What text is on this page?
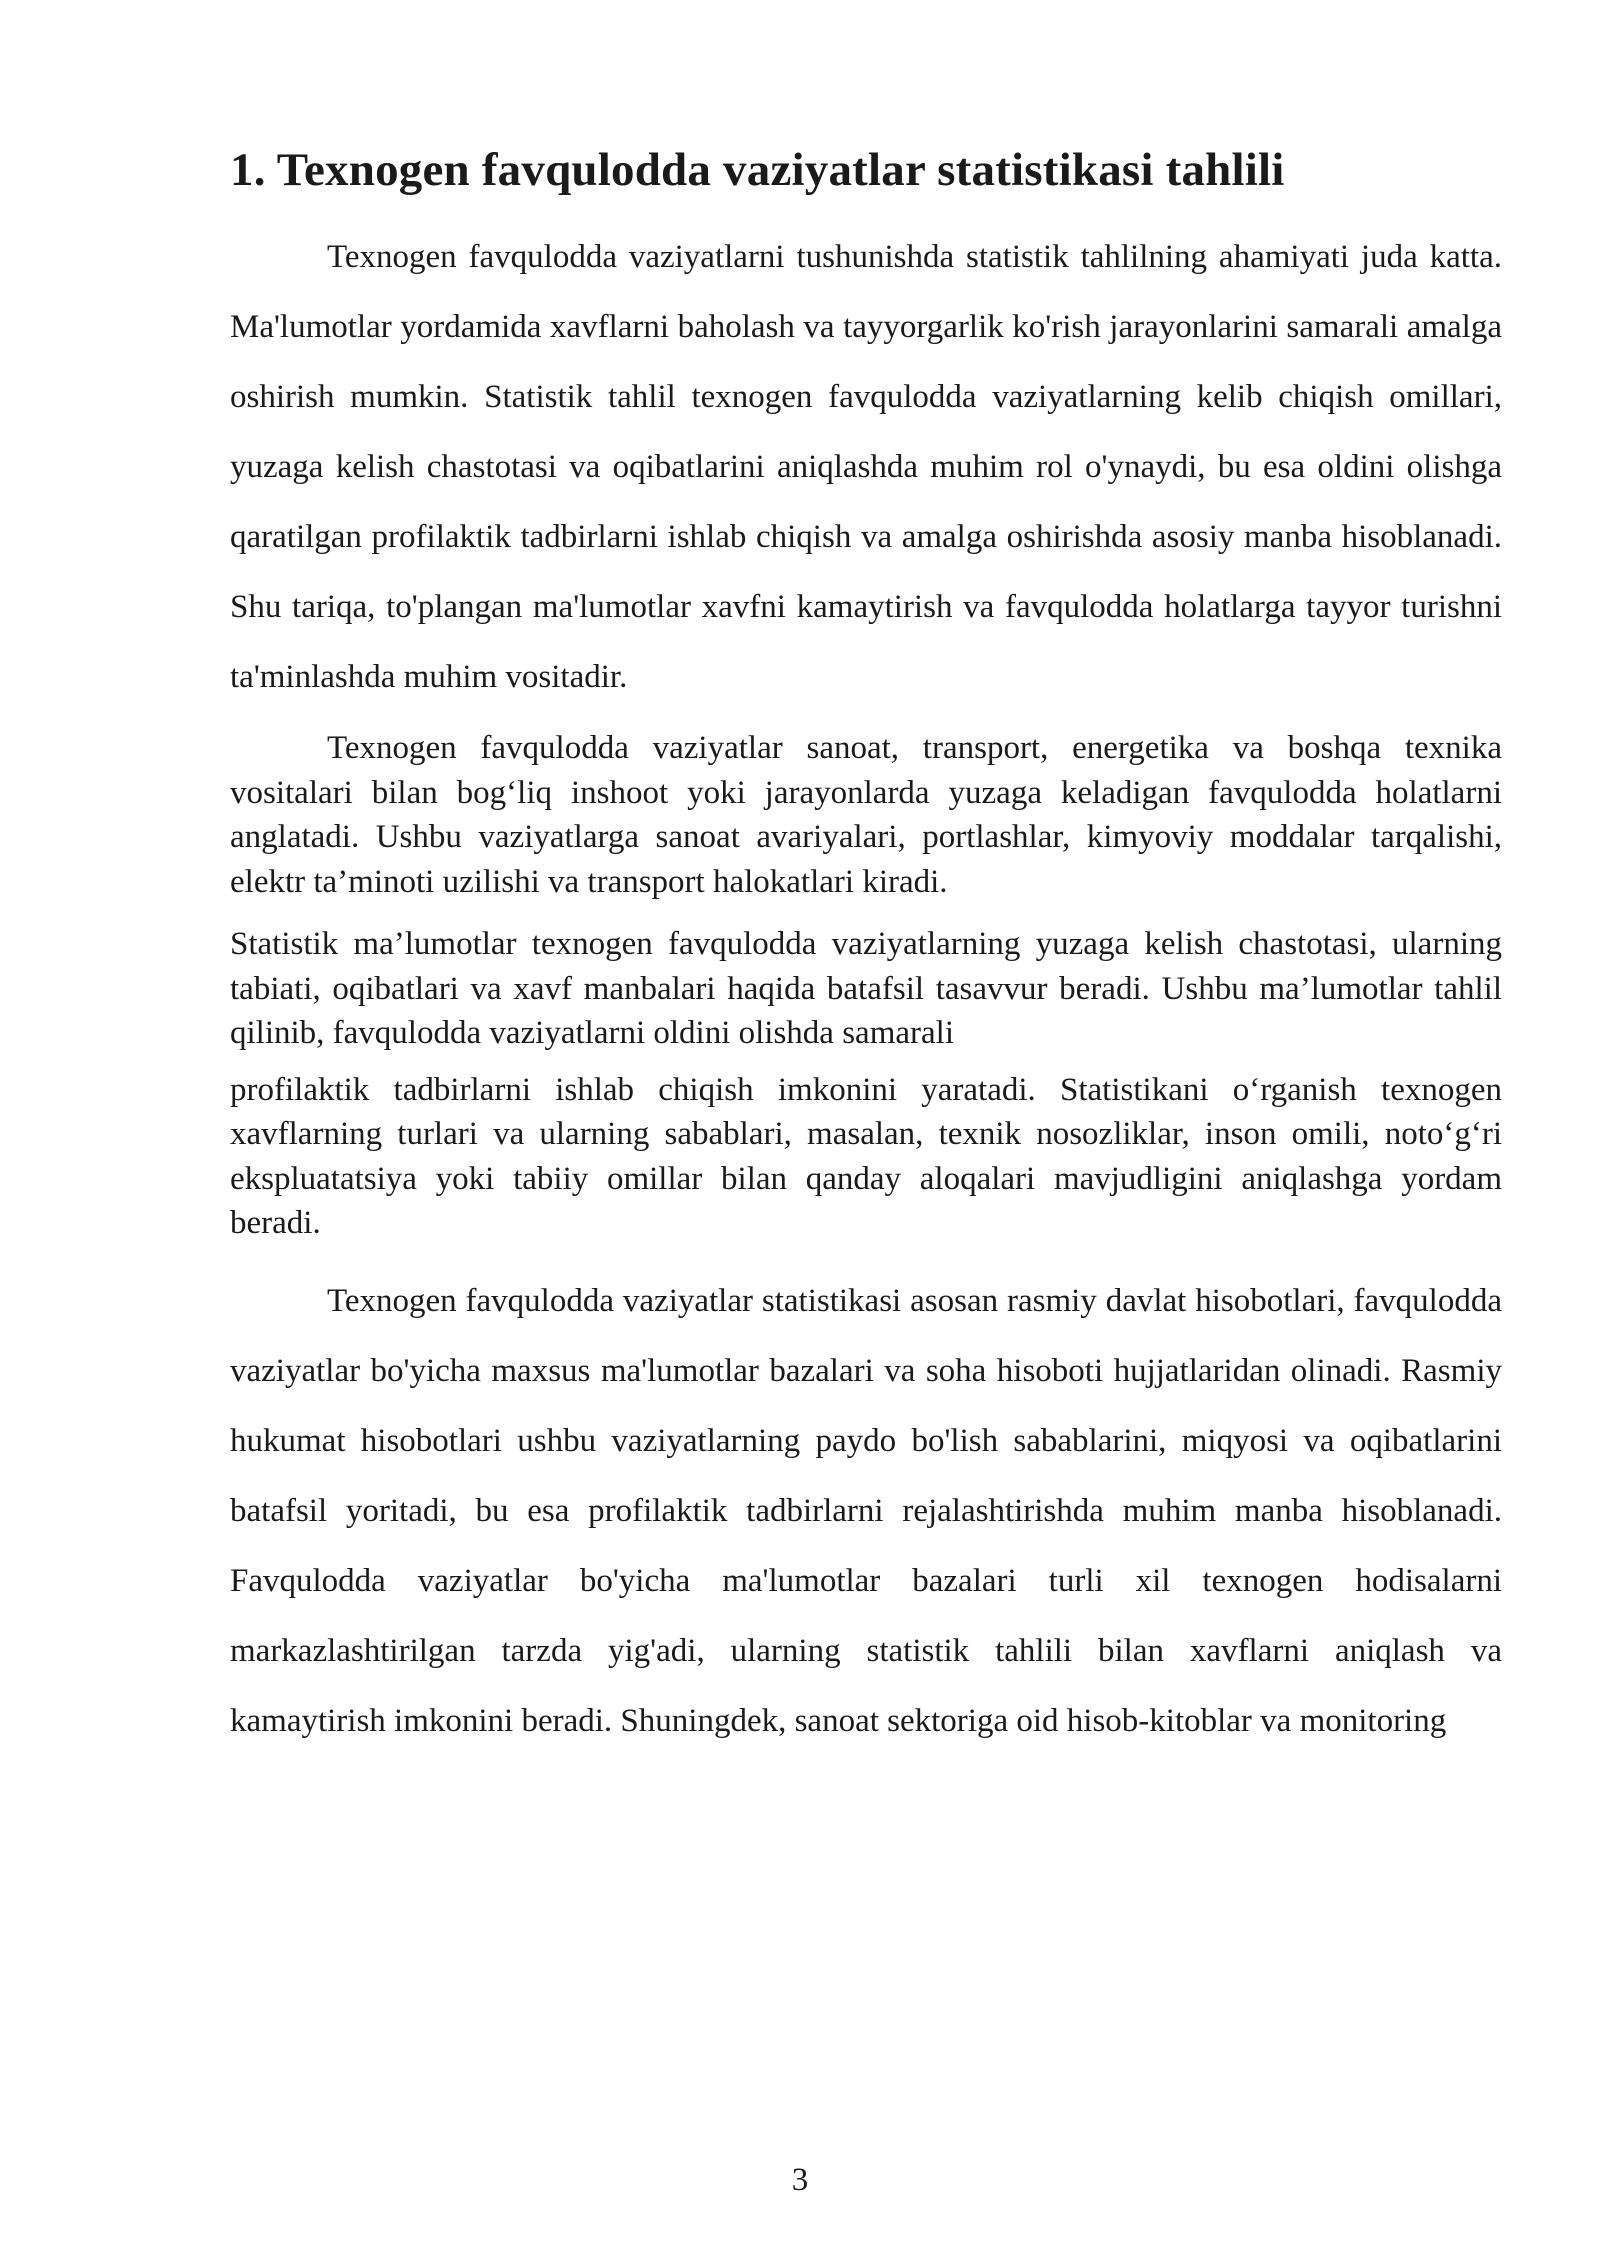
1. Texnogen favqulodda vaziyatlar statistikasi tahlili

Texnogen favqulodda vaziyatlarni tushunishda statistik tahlilning ahamiyati juda katta. Ma'lumotlar yordamida xavflarni baholash va tayyorgarlik ko'rish jarayonlarini samarali amalga oshirish mumkin. Statistik tahlil texnogen favqulodda vaziyatlarning kelib chiqish omillari, yuzaga kelish chastotasi va oqibatlarini aniqlashda muhim rol o'ynaydi, bu esa oldini olishga qaratilgan profilaktik tadbirlarni ishlab chiqish va amalga oshirishda asosiy manba hisoblanadi. Shu tariqa, to'plangan ma'lumotlar xavfni kamaytirish va favqulodda holatlarga tayyor turishni ta'minlashda muhim vositadir.

Texnogen favqulodda vaziyatlar sanoat, transport, energetika va boshqa texnika vositalari bilan bog‘liq inshoot yoki jarayonlarda yuzaga keladigan favqulodda holatlarni anglatadi. Ushbu vaziyatlarga sanoat avariyalari, portlashlar, kimyoviy moddalar tarqalishi, elektr ta’minoti uzilishi va transport halokatlari kiradi.

Statistik ma’lumotlar texnogen favqulodda vaziyatlarning yuzaga kelish chastotasi, ularning tabiati, oqibatlari va xavf manbalari haqida batafsil tasavvur beradi. Ushbu ma’lumotlar tahlil qilinib, favqulodda vaziyatlarni oldini olishda samarali

profilaktik tadbirlarni ishlab chiqish imkonini yaratadi. Statistikani o‘rganish texnogen xavflarning turlari va ularning sabablari, masalan, texnik nosozliklar, inson omili, noto‘g‘ri ekspluatatsiya yoki tabiiy omillar bilan qanday aloqalari mavjudligini aniqlashga yordam beradi.

Texnogen favqulodda vaziyatlar statistikasi asosan rasmiy davlat hisobotlari, favqulodda vaziyatlar bo'yicha maxsus ma'lumotlar bazalari va soha hisoboti hujjatlaridan olinadi. Rasmiy hukumat hisobotlari ushbu vaziyatlarning paydo bo'lish sabablarini, miqyosi va oqibatlarini batafsil yoritadi, bu esa profilaktik tadbirlarni rejalashtirishda muhim manba hisoblanadi. Favqulodda vaziyatlar bo'yicha ma'lumotlar bazalari turli xil texnogen hodisalarni markazlashtirilgan tarzda yig'adi, ularning statistik tahlili bilan xavflarni aniqlash va kamaytirish imkonini beradi. Shuningdek, sanoat sektoriga oid hisob-kitoblar va monitoring

3
